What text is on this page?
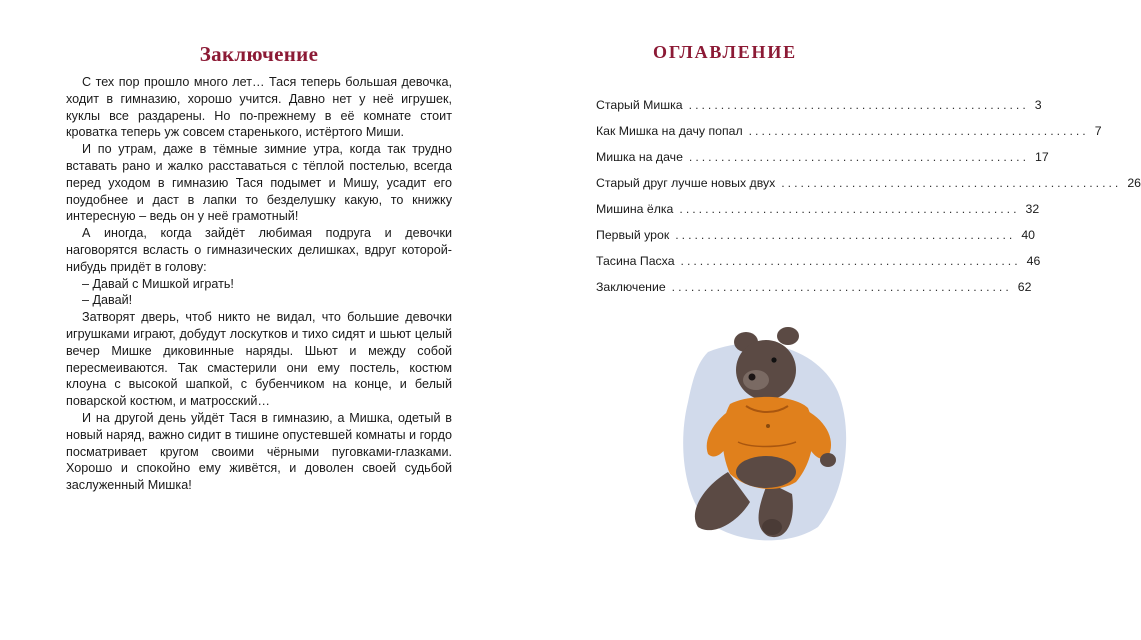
Заключение

С тех пор прошло много лет… Тася теперь большая девочка, ходит в гимназию, хорошо учится. Давно нет у неё игрушек, куклы все раздарены. Но по-прежнему в её комнате стоит кроватка теперь уж совсем старенького, истёртого Миши.

И по утрам, даже в тёмные зимние утра, когда так трудно вставать рано и жалко расставаться с тёплой постелью, всегда перед уходом в гимназию Тася подымет и Мишу, усадит его поудобнее и даст в лапки то безделушку какую, то книжку интересную – ведь он у неё грамотный!

А иногда, когда зайдёт любимая подруга и девочки наговорятся всласть о гимназических делишках, вдруг которой-нибудь придёт в голову:

– Давай с Мишкой играть!

– Давай!

Затворят дверь, чтоб никто не видал, что большие девочки игрушками играют, добудут лоскутков и тихо сидят и шьют целый вечер Мишке диковинные наряды. Шьют и между собой пересмеиваются. Так смастерили они ему постель, костюм клоуна с высокой шапкой, с бубенчиком на конце, и белый поварской костюм, и матросский…

И на другой день уйдёт Тася в гимназию, а Мишка, одетый в новый наряд, важно сидит в тишине опустевшей комнаты и гордо посматривает кругом своими чёрными пуговками-глазками. Хорошо и спокойно ему живётся, и доволен своей судьбой заслуженный Мишка!

ОГЛАВЛЕНИЕ
Старый Мишка ..................................................... 3
Как Мишка на дачу попал ..................................................... 7
Мишка на даче ..................................................... 17
Старый друг лучше новых двух ..................................................... 26
Мишина ёлка ..................................................... 32
Первый урок ..................................................... 40
Тасина Пасха ..................................................... 46
Заключение ..................................................... 62
